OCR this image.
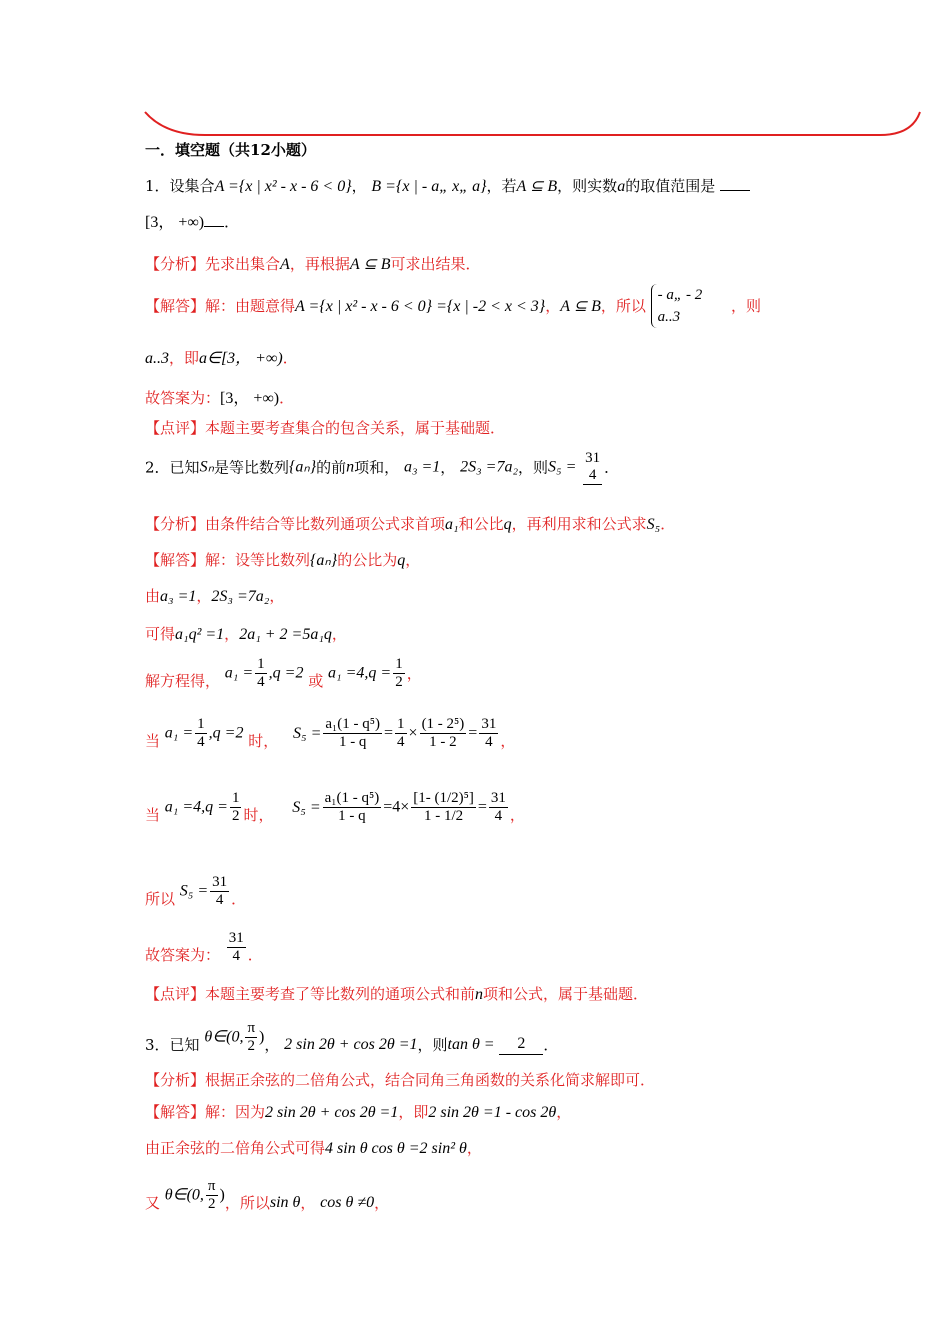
一．填空题（共12小题）
1．设集合A ={x | x² - x - 6 < 0}， B ={x | - a„ x„ a}，若A ⊆ B，则实数a的取值范围是
[3， +∞) ．
【分析】先求出集合A，再根据A ⊆ B可求出结果．
【解答】解：由题意得A ={x | x² - x - 6 < 0} ={x | -2 < x < 3}，A ⊆ B，所以
- a„ - 2
a..3
，则
a..3，即a∈[3， +∞)．
故答案为：[3， +∞)．
【点评】本题主要考查集合的包含关系，属于基础题．
2．已知Sₙ是等比数列{aₙ}的前n项和， a₃ =1， 2S₃ =7a₂，则S₅ =
31
4 ．
【分析】由条件结合等比数列通项公式求首项a₁和公比q，再利用求和公式求S₅．
【解答】解：设等比数列{aₙ}的公比为q，
由a₃ =1，2S₃ =7a₂，
可得a₁q² =1，2a₁ + 2 =5a₁q，
解方程得， $a_1 = \frac{1}{4} ,q =2$ 或 $a_1 =4,q = \frac{1}{2}$ ，
当 $a_1 = \frac{1}{4} ,q =2$ 时， $S_5 = \frac{\text{a₁(1 - q⁵)}}{1 - q} = \frac{1}{4} \times \frac{\text{(1 - 2⁵)}}{1 - 2} = \frac{31}{4}$ ，
当 $a_1 =4,q = \frac{1}{2}$ 时， $S_5 = \frac{\text{a₁(1 - q⁵)}}{1 - q} =4\times \frac{\text{[1- (1/2)⁵]}}{1 - 1/2} = \frac{31}{4}$ ，
所以 $S_5 = \frac{31}{4}$ ．
故答案为： $\frac{31}{4}$ ．
【点评】本题主要考查了等比数列的通项公式和前n项和公式，属于基础题．
3．已知 θ∈(0, $\frac{\pi}{2}$ )， 2 sin 2θ + cos 2θ =1，则tan θ = 2 ．
【分析】根据正余弦的二倍角公式，结合同角三角函数的关系化简求解即可．
【解答】解：因为2 sin 2θ + cos 2θ =1，即2 sin 2θ =1 - cos 2θ，
由正余弦的二倍角公式可得4 sin θ cos θ =2 sin² θ，
又 θ∈(0, $\frac{\pi}{2}$ )，所以sin θ， cos θ ≠0，
